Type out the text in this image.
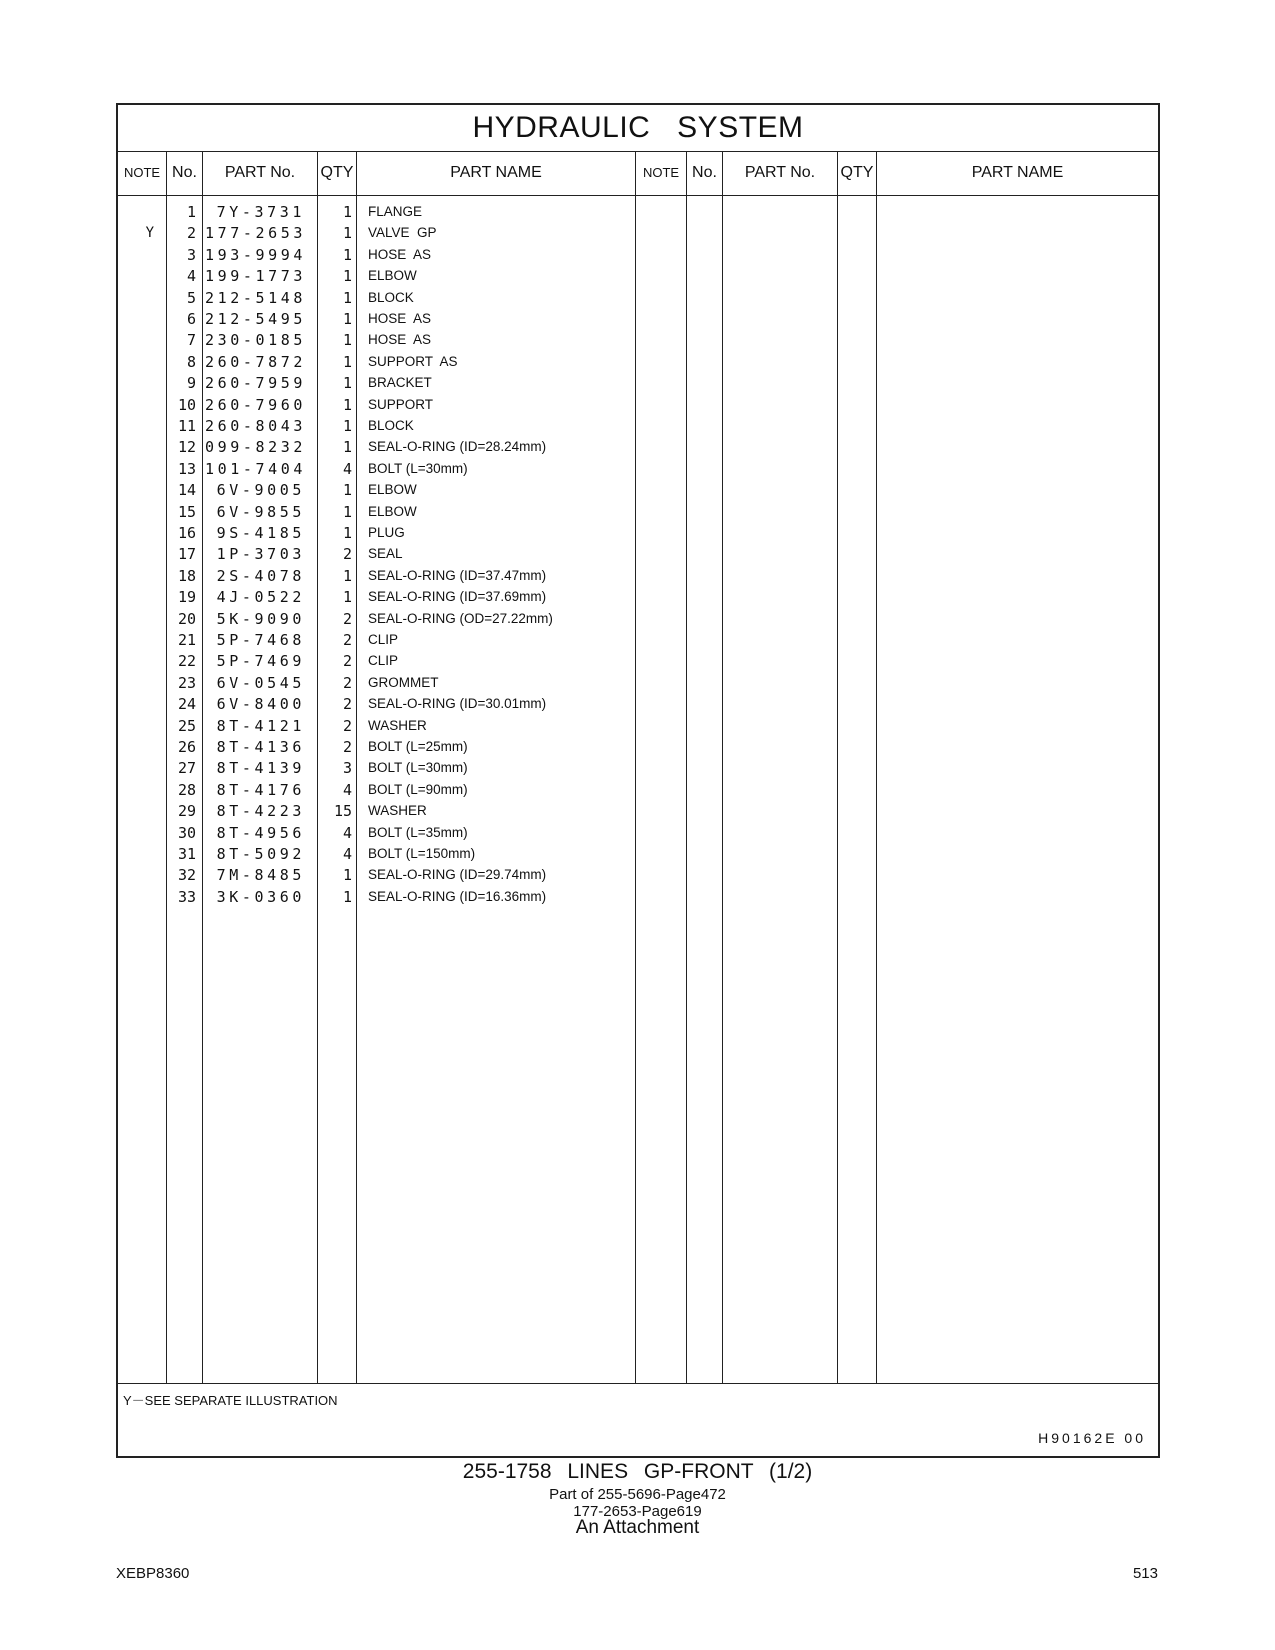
HYDRAULIC SYSTEM
NOTE No.	PART No.	QTY	PART NAME	NOTE No.	PART No.	QTY	PART NAME
1	7Y-3731	1 FLANGE
Y	2 177-2653	1 VALVE  GP
3 193-9994	1 HOSE  AS
4 199-1773	1 ELBOW
5 212-5148	1 BLOCK
6 212-5495	1 HOSE  AS
7 230-0185	1 HOSE  AS
8 260-7872	1 SUPPORT  AS
9 260-7959	1 BRACKET
10 260-7960	1 SUPPORT
11 260-8043	1 BLOCK
12 099-8232	1 SEAL-O-RING (ID=28.24mm)
13 101-7404	4 BOLT (L=30mm)
14	6V-9005	1 ELBOW
15	6V-9855	1 ELBOW
16	9S-4185	1 PLUG
17	1P-3703	2 SEAL
18	2S-4078	1 SEAL-O-RING (ID=37.47mm)
19	4J-0522	1 SEAL-O-RING (ID=37.69mm)
20	5K-9090	2 SEAL-O-RING (OD=27.22mm)
21	5P-7468	2 CLIP
22	5P-7469	2 CLIP
23	6V-0545	2 GROMMET
24	6V-8400	2 SEAL-O-RING (ID=30.01mm)
25	8T-4121	2 WASHER
26	8T-4136	2 BOLT (L=25mm)
27	8T-4139	3 BOLT (L=30mm)
28	8T-4176	4 BOLT (L=90mm)
29	8T-4223	15 WASHER
30	8T-4956	4 BOLT (L=35mm)
31	8T-5092	4 BOLT (L=150mm)
32	7M-8485	1 SEAL-O-RING (ID=29.74mm)
33	3K-0360	1 SEAL-O-RING (ID=16.36mm)
Y－SEE SEPARATE ILLUSTRATION
H90162E 00
255-1758 LINES GP-FRONT (1/2)
Part of 255-5696-Page472
177-2653-Page619
An Attachment
XEBP8360	513
